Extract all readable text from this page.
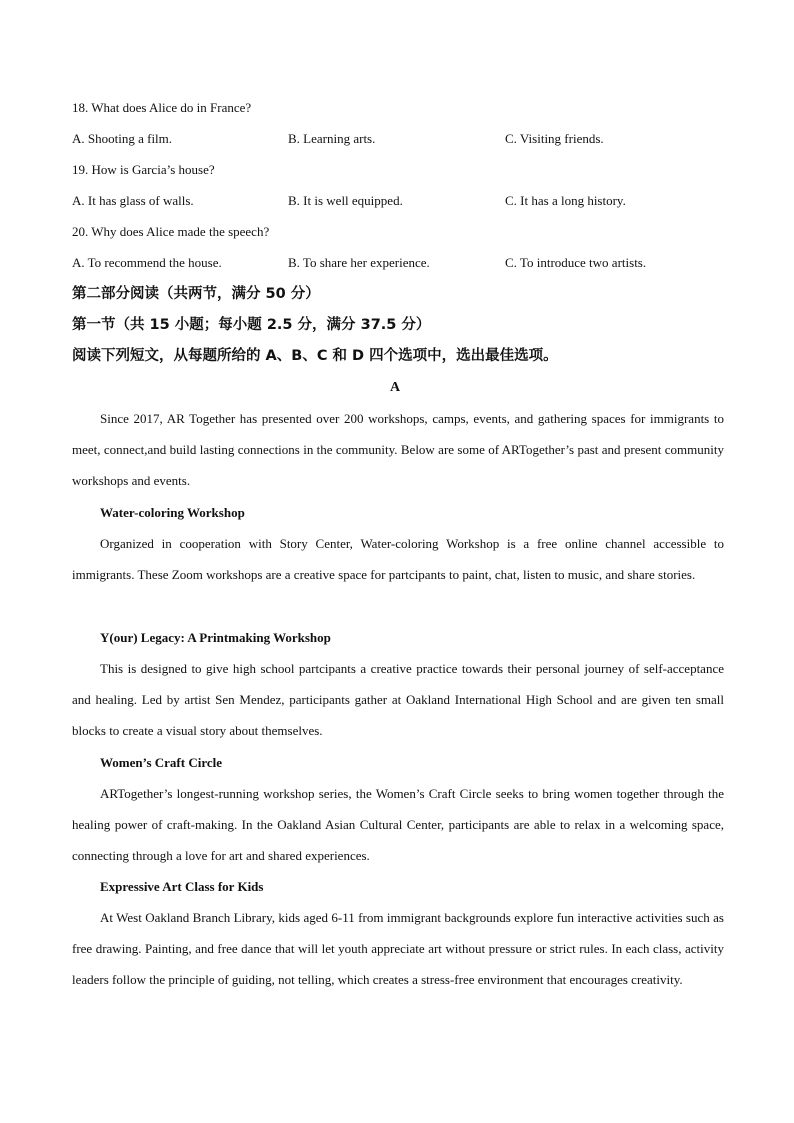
18. What does Alice do in France?
A. Shooting a film.	B. Learning arts.	C. Visiting friends.
19. How is Garcia’s house?
A. It has glass of walls.	B. It is well equipped.	C. It has a long history.
20. Why does Alice made the speech?
A. To recommend the house.	B. To share her experience.	C. To introduce two artists.
第二部分阅读（共两节，满分 50 分）
第一节（共 15 小题；每小题 2.5 分，满分 37.5 分）
阅读下列短文，从每题所给的 A、B、C 和 D 四个选项中，选出最佳选项。
A

Since 2017, AR Together has presented over 200 workshops, camps, events, and gathering spaces for immigrants to meet, connect,and build lasting connections in the community. Below are some of ARTogether’s past and present community workshops and events.

Water-coloring Workshop

Organized in cooperation with Story Center, Water-coloring Workshop is a free online channel accessible to immigrants. These Zoom workshops are a creative space for partcipants to paint, chat, listen to music, and share stories.

Y(our) Legacy: A Printmaking Workshop

This is designed to give high school partcipants a creative practice towards their personal journey of self-acceptance and healing. Led by artist Sen Mendez, participants gather at Oakland International High School and are given ten small blocks to create a visual story about themselves.

Women’s Craft Circle

ARTogether’s longest-running workshop series, the Women’s Craft Circle seeks to bring women together through the healing power of craft-making. In the Oakland Asian Cultural Center, participants are able to relax in a welcoming space, connecting through a love for art and shared experiences.

Expressive Art Class for Kids

At West Oakland Branch Library, kids aged 6-11 from immigrant backgrounds explore fun interactive activities such as free drawing. Painting, and free dance that will let youth appreciate art without pressure or strict rules. In each class, activity leaders follow the principle of guiding, not telling, which creates a stress-free environment that encourages creativity.
